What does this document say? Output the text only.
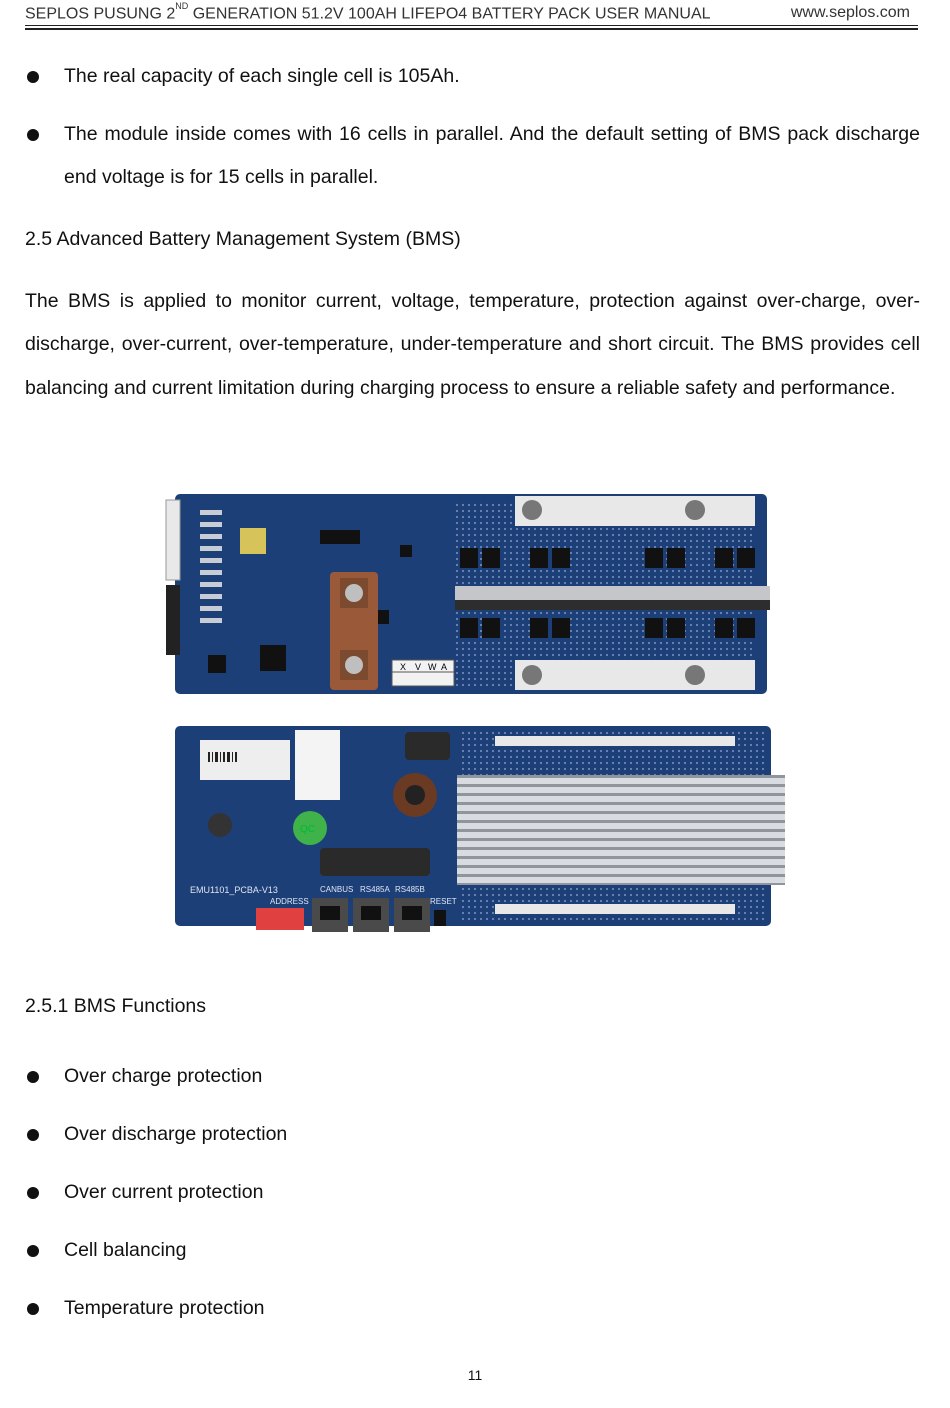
SEPLOS PUSUNG 2ND GENERATION 51.2V 100AH LIFEPO4 BATTERY PACK USER MANUAL	www.seplos.com
The real capacity of each single cell is 105Ah.
The module inside comes with 16 cells in parallel. And the default setting of BMS pack discharge end voltage is for 15 cells in parallel.
2.5 Advanced Battery Management System (BMS)
The BMS is applied to monitor current, voltage, temperature, protection against over-charge, over-discharge, over-current, over-temperature, under-temperature and short circuit. The BMS provides cell balancing and current limitation during charging process to ensure a reliable safety and performance.
X V W A
QC
EMU1101_PCBA-V13	CANBUS RS485A RS485B
ADDRESS	RESET
2.5.1 BMS Functions
Over charge protection
Over discharge protection
Over current protection
Cell balancing
Temperature protection
11
